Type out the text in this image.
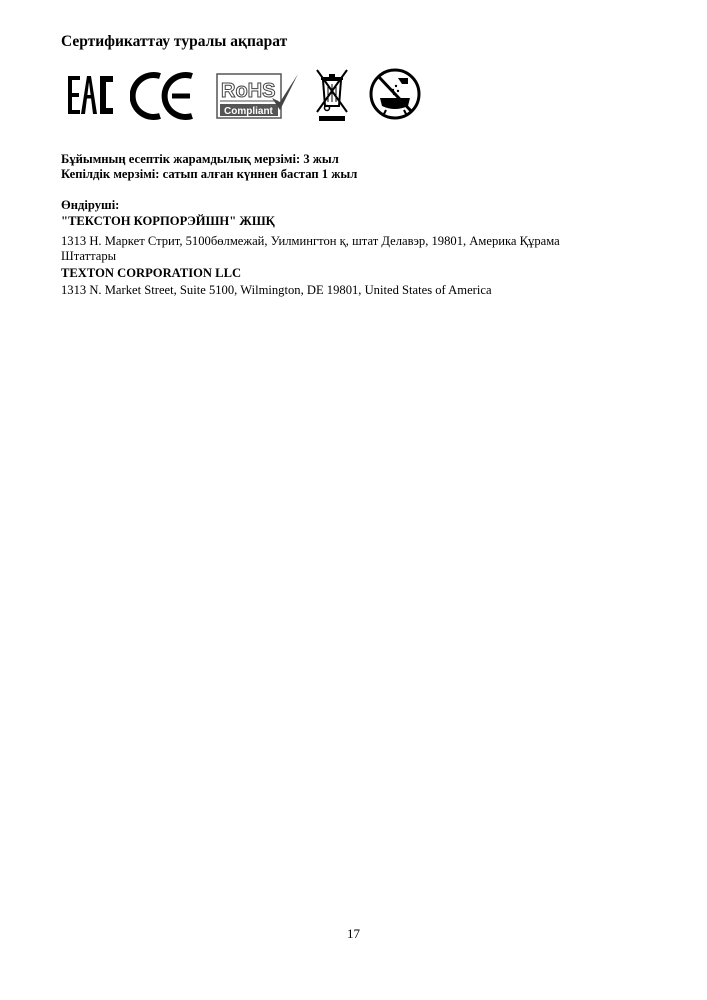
Сертификаттау туралы ақпарат
RoHS
Compliant

Бұйымның есептік жарамдылық мерзімі: 3 жыл

Кепілдік мерзімі: сатып алған күннен бастап 1 жыл

Өндіруші:

"ТЕКСТОН КОРПОРЭЙШН" ЖШҚ

1313 Н. Маркет Стрит, 5100бөлмежай, Уилмингтон қ, штат Делавэр, 19801, Америка Құрама

Штаттары

TEXTON CORPORATION LLC

1313 N. Market Street, Suite 5100, Wilmington, DE 19801, United States of America

17
